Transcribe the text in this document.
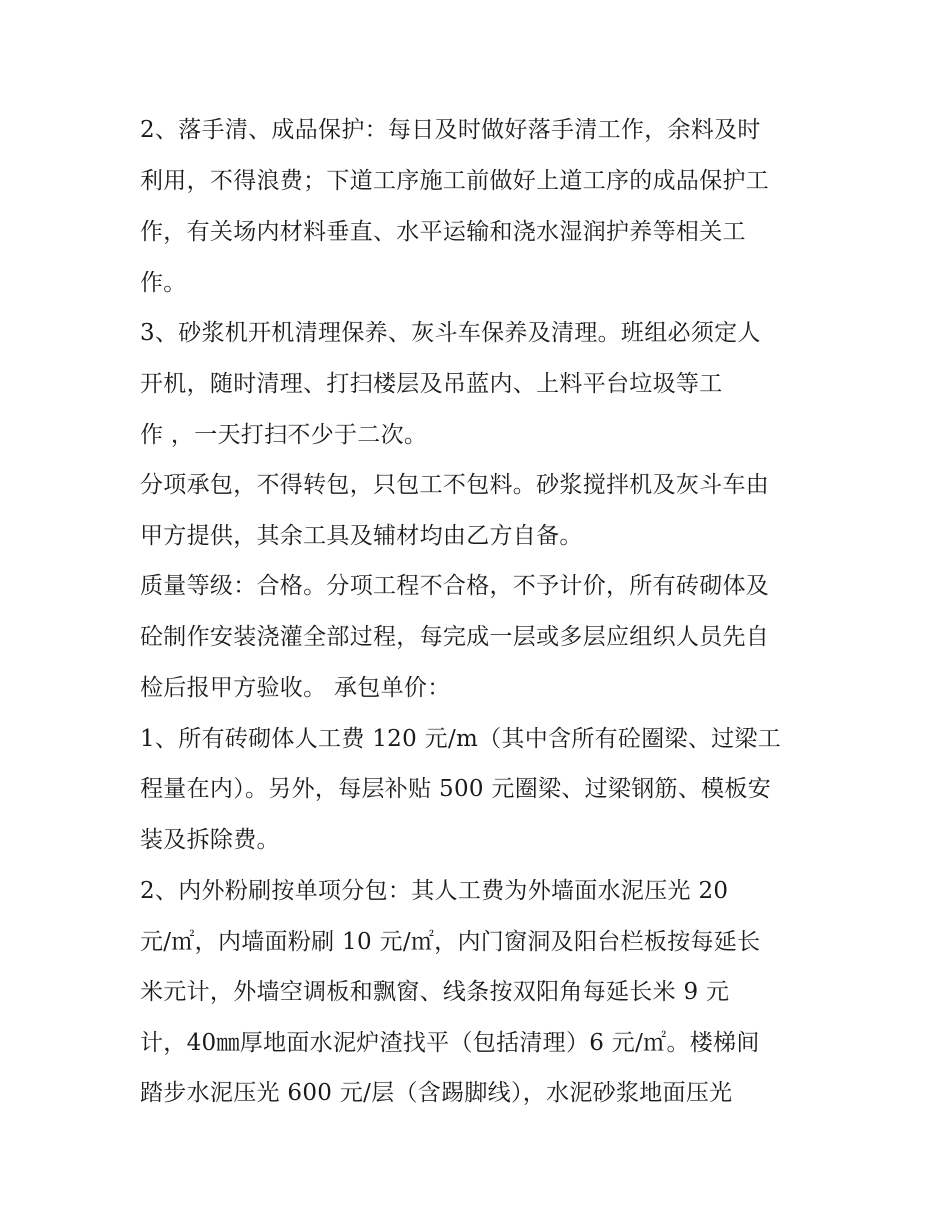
2、落手清、成品保护：每日及时做好落手清工作，余料及时
利用，不得浪费；下道工序施工前做好上道工序的成品保护工
作，有关场内材料垂直、水平运输和浇水湿润护养等相关工
作。
3、砂浆机开机清理保养、灰斗车保养及清理。班组必须定人
开机，随时清理、打扫楼层及吊蓝内、上料平台垃圾等工
作 ，一天打扫不少于二次。
分项承包，不得转包，只包工不包料。砂浆搅拌机及灰斗车由
甲方提供，其余工具及辅材均由乙方自备。
质量等级：合格。分项工程不合格，不予计价，所有砖砌体及
砼制作安装浇灌全部过程，每完成一层或多层应组织人员先自
检后报甲方验收。 承包单价：
1、所有砖砌体人工费 120 元/m（其中含所有砼圈梁、过梁工
程量在内）。另外，每层补贴 500 元圈梁、过梁钢筋、模板安
装及拆除费。
2、内外粉刷按单项分包：其人工费为外墙面水泥压光 20
元/㎡，内墙面粉刷 10 元/㎡，内门窗洞及阳台栏板按每延长
米元计，外墙空调板和飘窗、线条按双阳角每延长米 9 元
计，40㎜厚地面水泥炉渣找平（包括清理）6 元/㎡。楼梯间
踏步水泥压光 600 元/层（含踢脚线），水泥砂浆地面压光
